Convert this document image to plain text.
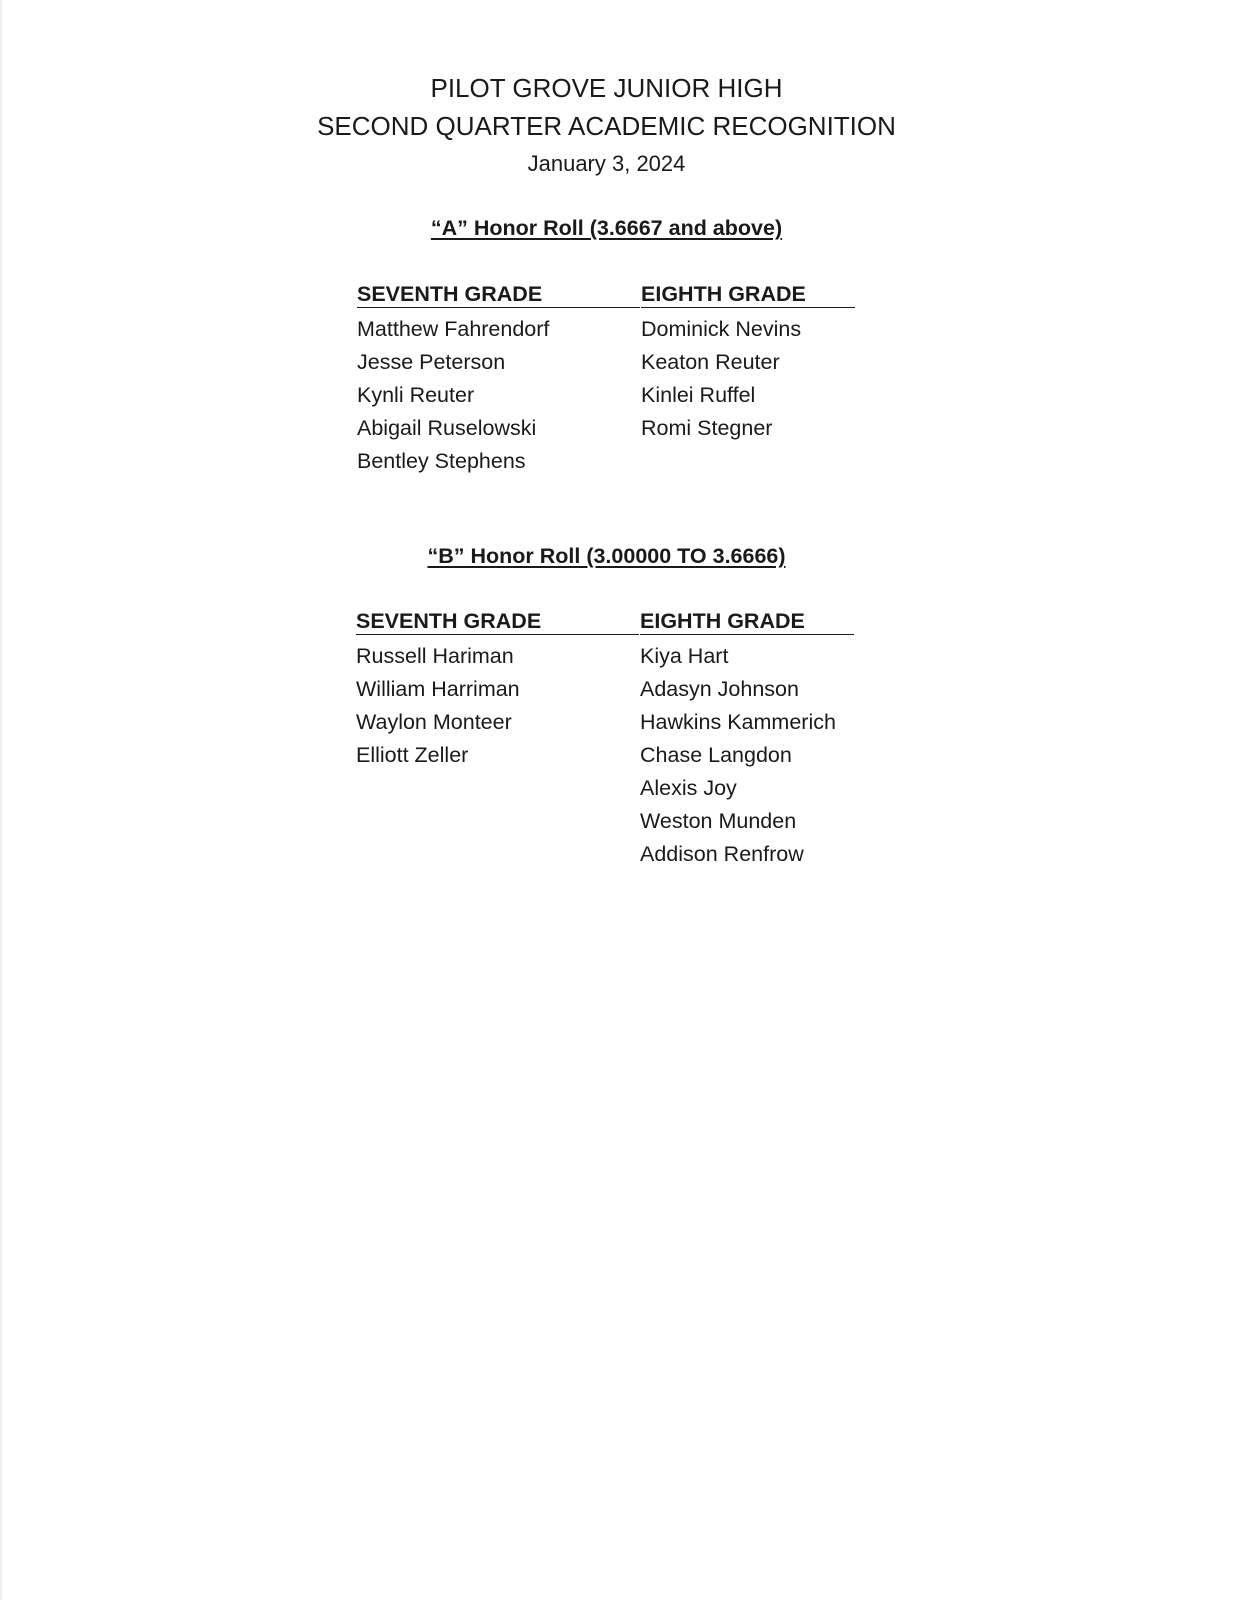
PILOT GROVE JUNIOR HIGH
SECOND QUARTER ACADEMIC RECOGNITION
January 3, 2024
“A” Honor Roll (3.6667 and above)
SEVENTH GRADE
Matthew Fahrendorf
Jesse Peterson
Kynli Reuter
Abigail Ruselowski
Bentley Stephens
EIGHTH GRADE
Dominick Nevins
Keaton Reuter
Kinlei Ruffel
Romi Stegner
“B” Honor Roll (3.00000 TO 3.6666)
SEVENTH GRADE
Russell Hariman
William Harriman
Waylon Monteer
Elliott Zeller
EIGHTH GRADE
Kiya Hart
Adasyn Johnson
Hawkins Kammerich
Chase Langdon
Alexis Joy
Weston Munden
Addison Renfrow
